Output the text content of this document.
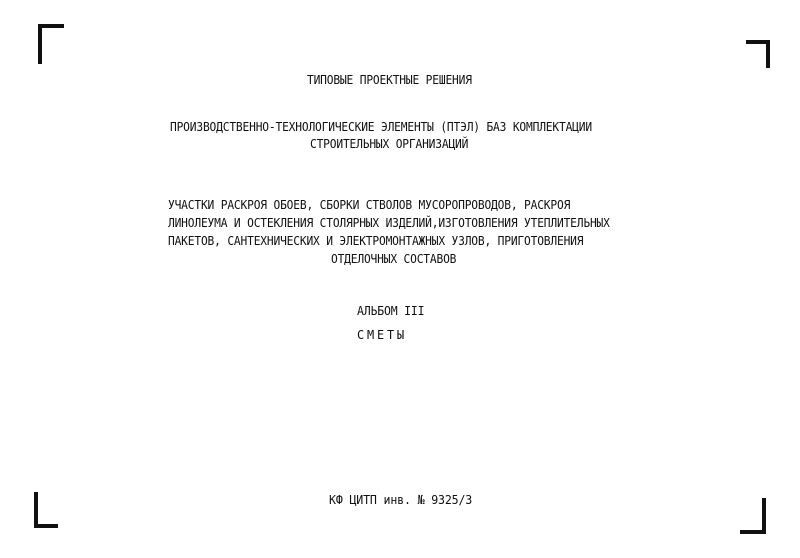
ТИПОВЫЕ ПРОЕКТНЫЕ РЕШЕНИЯ
ПРОИЗВОДСТВЕННО-ТЕХНОЛОГИЧЕСКИЕ ЭЛЕМЕНТЫ (ПТЭЛ) БАЗ КОМПЛЕКТАЦИИ
СТРОИТЕЛЬНЫХ ОРГАНИЗАЦИЙ
УЧАСТКИ РАСКРОЯ ОБОЕВ, СБОРКИ СТВОЛОВ МУСОРОПРОВОДОВ, РАСКРОЯ
ЛИНОЛЕУМА И ОСТЕКЛЕНИЯ СТОЛЯРНЫХ ИЗДЕЛИЙ,ИЗГОТОВЛЕНИЯ УТЕПЛИТЕЛЬНЫХ
ПАКЕТОВ, САНТЕХНИЧЕСКИХ И ЭЛЕКТРОМОНТАЖНЫХ УЗЛОВ, ПРИГОТОВЛЕНИЯ
ОТДЕЛОЧНЫХ СОСТАВОВ
АЛЬБОМ III
СМЕТЫ
КФ ЦИТП инв. № 9325/3
